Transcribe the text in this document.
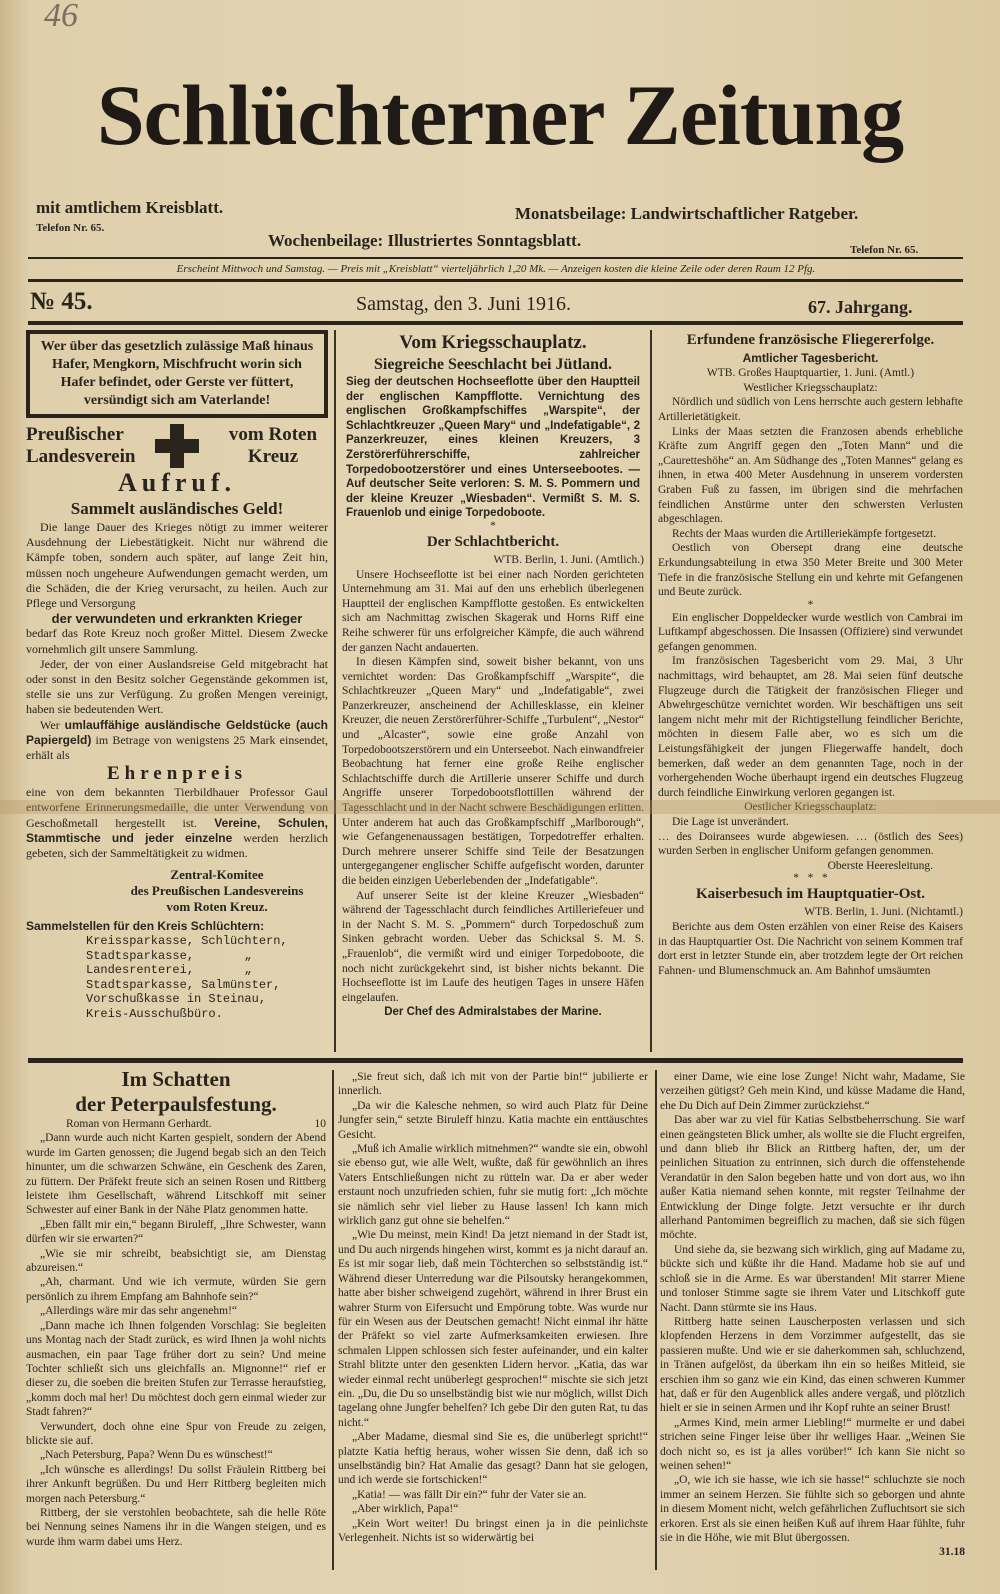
46
Schlüchterner Zeitung
mit amtlichem Kreisblatt.
Telefon Nr. 65.
Monatsbeilage: Landwirtschaftlicher Ratgeber.
Wochenbeilage: Illustriertes Sonntagsblatt.	Telefon Nr. 65.
Erscheint Mittwoch und Samstag. — Preis mit „Kreisblatt“ vierteljährlich 1,20 Mk. — Anzeigen kosten die kleine Zeile oder deren Raum 12 Pfg.
№ 45.	Samstag, den 3. Juni 1916.	67. Jahrgang.
Wer über das gesetzlich zulässige Maß hinaus Hafer, Mengkorn, Mischfrucht worin sich Hafer befindet, oder Gerste ver füttert, versündigt sich am Vaterlande!
Preußischer Landesverein
vom Roten Kreuz
Aufruf.
Sammelt ausländisches Geld!

Die lange Dauer des Krieges nötigt zu immer weiterer Ausdehnung der Liebestätigkeit. Nicht nur während die Kämpfe toben, sondern auch später, auf lange Zeit hin, müssen noch ungeheure Aufwendungen gemacht werden, um die Schäden, die der Krieg verursacht, zu heilen. Auch zur Pflege und Versorgung

der verwundeten und erkrankten Krieger

bedarf das Rote Kreuz noch großer Mittel. Diesem Zwecke vornehmlich gilt unsere Sammlung.

Jeder, der von einer Auslandsreise Geld mitgebracht hat oder sonst in den Besitz solcher Gegenstände gekommen ist, stelle sie uns zur Verfügung. Zu großen Mengen vereinigt, haben sie bedeutenden Wert.

Wer umlauffähige ausländische Geldstücke (auch Papiergeld) im Betrage von wenigstens 25 Mark einsendet, erhält als

Ehrenpreis

eine von dem bekannten Tierbildhauer Professor Gaul entworfene Erinnerungsmedaille, die unter Verwendung von Geschoßmetall hergestellt ist. Vereine, Schulen, Stammtische und jeder einzelne werden herzlich gebeten, sich der Sammeltätigkeit zu widmen.

Zentral-Komitee
des Preußischen Landesvereins
vom Roten Kreuz.
Sammelstellen für den Kreis Schlüchtern:
Kreissparkasse, Schlüchtern,
Stadtsparkasse,       „
Landesrenterei,       „
Stadtsparkasse, Salmünster,
Vorschußkasse in Steinau,
Kreis-Ausschußbüro.
Vom Kriegsschauplatz.
Siegreiche Seeschlacht bei Jütland.
Sieg der deutschen Hochseeflotte über den Hauptteil der englischen Kampfflotte. Vernichtung des englischen Großkampfschiffes „Warspite“, der Schlachtkreuzer „Queen Mary“ und „Indefatigable“, 2 Panzerkreuzer, eines kleinen Kreuzers, 3 Zerstörerführerschiffe, zahlreicher Torpedobootzerstörer und eines Unterseebootes. — Auf deutscher Seite verloren: S. M. S. Pommern und der kleine Kreuzer „Wiesbaden“. Vermißt S. M. S. Frauenlob und einige Torpedoboote.
*
Der Schlachtbericht.
WTB. Berlin, 1. Juni. (Amtlich.)

Unsere Hochseeflotte ist bei einer nach Norden gerichteten Unternehmung am 31. Mai auf den uns erheblich überlegenen Hauptteil der englischen Kampfflotte gestoßen. Es entwickelten sich am Nachmittag zwischen Skagerak und Horns Riff eine Reihe schwerer für uns erfolgreicher Kämpfe, die auch während der ganzen Nacht andauerten.

In diesen Kämpfen sind, soweit bisher bekannt, von uns vernichtet worden: Das Großkampfschiff „Warspite“, die Schlachtkreuzer „Queen Mary“ und „Indefatigable“, zwei Panzerkreuzer, anscheinend der Achillesklasse, ein kleiner Kreuzer, die neuen Zerstörerführer-Schiffe „Turbulent“, „Nestor“ und „Alcaster“, sowie eine große Anzahl von Torpedobootszerstörern und ein Unterseebot. Nach einwandfreier Beobachtung hat ferner eine große Reihe englischer Schlachtschiffe durch die Artillerie unserer Schiffe und durch Angriffe unserer Torpedobootsflottillen während der Tagesschlacht und in der Nacht schwere Beschädigungen erlitten. Unter anderem hat auch das Großkampfschiff „Marlborough“, wie Gefangenenaussagen bestätigen, Torpedotreffer erhalten. Durch mehrere unserer Schiffe sind Teile der Besatzungen untergegangener englischer Schiffe aufgefischt worden, darunter die beiden einzigen Ueberlebenden der „Indefatigable“.

Auf unserer Seite ist der kleine Kreuzer „Wiesbaden“ während der Tagesschlacht durch feindliches Artilleriefeuer und in der Nacht S. M. S. „Pommern“ durch Torpedoschuß zum Sinken gebracht worden. Ueber das Schicksal S. M. S. „Frauenlob“, die vermißt wird und einiger Torpedoboote, die noch nicht zurückgekehrt sind, ist bisher nichts bekannt. Die Hochseeflotte ist im Laufe des heutigen Tages in unsere Häfen eingelaufen.

Der Chef des Admiralstabes der Marine.
Erfundene französische Fliegererfolge.
Amtlicher Tagesbericht.
WTB. Großes Hauptquartier, 1. Juni. (Amtl.)
Westlicher Kriegsschauplatz:

Nördlich und südlich von Lens herrschte auch gestern lebhafte Artillerietätigkeit.

Links der Maas setzten die Franzosen abends erhebliche Kräfte zum Angriff gegen den „Toten Mann“ und die „Caurettеshöhe“ an. Am Südhange des „Toten Mannes“ gelang es ihnen, in etwa 400 Meter Ausdehnung in unserem vordersten Graben Fuß zu fassen, im übrigen sind die mehrfachen feindlichen Anstürme unter den schwersten Verlusten abgeschlagen.

Rechts der Maas wurden die Artilleriekämpfe fortgesetzt.

Oestlich von Obersept drang eine deutsche Erkundungsabteilung in etwa 350 Meter Breite und 300 Meter Tiefe in die französische Stellung ein und kehrte mit Gefangenen und Beute zurück.

*

Ein englischer Doppeldecker wurde westlich von Cambrai im Luftkampf abgeschossen. Die Insassen (Offiziere) sind verwundet gefangen genommen.

Im französischen Tagesbericht vom 29. Mai, 3 Uhr nachmittags, wird behauptet, am 28. Mai seien fünf deutsche Flugzeuge durch die Tätigkeit der französischen Flieger und Abwehrgeschütze vernichtet worden. Wir beschäftigen uns seit langem nicht mehr mit der Richtigstellung feindlicher Berichte, möchten in diesem Falle aber, wo es sich um die Leistungsfähigkeit der jungen Fliegerwaffe handelt, doch bemerken, daß weder an dem genannten Tage, noch in der vorhergehenden Woche überhaupt irgend ein deutsches Flugzeug durch feindliche Einwirkung verloren gegangen ist.

Oestlicher Kriegsschauplatz:

Die Lage ist unverändert.

… des Doiransees wurde abgewiesen. … (östlich des Sees) wurden Serben in englischer Uniform gefangen genommen.

Oberste Heeresleitung.
*   *   *
Kaiserbesuch im Hauptquatier-Ost.
WTB. Berlin, 1. Juni. (Nichtamtl.)

Berichte aus dem Osten erzählen von einer Reise des Kaisers in das Hauptquartier Ost. Die Nachricht von seinem Kommen traf dort erst in letzter Stunde ein, aber trotzdem legte der Ort reichen Fahnen- und Blumenschmuck an. Am Bahnhof umsäumten

Im Schatten
der Peterpaulsfestung.
Roman von Hermann Gerhardt.	10

„Dann wurde auch nicht Karten gespielt, sondern der Abend wurde im Garten genossen; die Jugend begab sich an den Teich hinunter, um die schwarzen Schwäne, ein Geschenk des Zaren, zu füttern. Der Präfekt freute sich an seinen Rosen und Rittberg leistete ihm Gesellschaft, während Litschkoff mit seiner Schwester auf einer Bank in der Nähe Platz genommen hatte.

„Eben fällt mir ein,“ begann Biruleff, „Ihre Schwester, wann dürfen wir sie erwarten?“

„Wie sie mir schreibt, beabsichtigt sie, am Dienstag abzureisen.“

„Ah, charmant. Und wie ich vermute, würden Sie gern persönlich zu ihrem Empfang am Bahnhofe sein?“

„Allerdings wäre mir das sehr angenehm!“

„Dann mache ich Ihnen folgenden Vorschlag: Sie begleiten uns Montag nach der Stadt zurück, es wird Ihnen ja wohl nichts ausmachen, ein paar Tage früher dort zu sein? Und meine Tochter schließt sich uns gleichfalls an. Mignonne!“ rief er dieser zu, die soeben die breiten Stufen zur Terrasse heraufstieg, „komm doch mal her! Du möchtest doch gern einmal wieder zur Stadt fahren?“

Verwundert, doch ohne eine Spur von Freude zu zeigen, blickte sie auf.

„Nach Petersburg, Papa? Wenn Du es wünschest!“

„Ich wünsche es allerdings! Du sollst Fräulein Rittberg bei ihrer Ankunft begrüßen. Du und Herr Rittberg begleiten mich morgen nach Petersburg.“

Rittberg, der sie verstohlen beobachtete, sah die helle Röte bei Nennung seines Namens ihr in die Wangen steigen, und es wurde ihm warm dabei ums Herz.

„Sie freut sich, daß ich mit von der Partie bin!“ jubilierte er innerlich.

„Da wir die Kalesche nehmen, so wird auch Platz für Deine Jungfer sein,“ setzte Biruleff hinzu. Katia machte ein enttäuschtes Gesicht.

„Muß ich Amalie wirklich mitnehmen?“ wandte sie ein, obwohl sie ebenso gut, wie alle Welt, wußte, daß für gewöhnlich an ihres Vaters Entschließungen nicht zu rütteln war. Da er aber weder erstaunt noch unzufrieden schien, fuhr sie mutig fort: „Ich möchte sie nämlich sehr viel lieber zu Hause lassen! Ich kann mich wirklich ganz gut ohne sie behelfen.“

„Wie Du meinst, mein Kind! Da jetzt niemand in der Stadt ist, und Du auch nirgends hingehen wirst, kommt es ja nicht darauf an. Es ist mir sogar lieb, daß mein Töchterchen so selbstständig ist.“ Während dieser Unterredung war die Pilsoutsky herangekommen, hatte aber bisher schweigend zugehört, während in ihrer Brust ein wahrer Sturm von Eifersucht und Empörung tobte. Was wurde nur für ein Wesen aus der Deutschen gemacht! Nicht einmal ihr hätte der Präfekt so viel zarte Aufmerksamkeiten erwiesen. Ihre schmalen Lippen schlossen sich fester aufeinander, und ein kalter Strahl blitzte unter den gesenkten Lidern hervor. „Katia, das war wieder einmal recht unüberlegt gesprochen!“ mischte sie sich jetzt ein. „Du, die Du so unselbständig bist wie nur möglich, willst Dich tagelang ohne Jungfer behelfen? Ich gebe Dir den guten Rat, tu das nicht.“

„Aber Madame, diesmal sind Sie es, die unüberlegt spricht!“ platzte Katia heftig heraus, woher wissen Sie denn, daß ich so unselbständig bin? Hat Amalie das gesagt? Dann hat sie gelogen, und ich werde sie fortschicken!“

„Katia! — was fällt Dir ein?“ fuhr der Vater sie an.

„Aber wirklich, Papa!“

„Kein Wort weiter! Du bringst einen ja in die peinlichste Verlegenheit. Nichts ist so widerwärtig bei

einer Dame, wie eine lose Zunge! Nicht wahr, Madame, Sie verzeihen gütigst? Geh mein Kind, und küsse Madame die Hand, ehe Du Dich auf Dein Zimmer zurückziehst.“

Das aber war zu viel für Katias Selbstbeherrschung. Sie warf einen geängsteten Blick umher, als wollte sie die Flucht ergreifen, und dann blieb ihr Blick an Rittberg haften, der, um der peinlichen Situation zu entrinnen, sich durch die offenstehende Verandatür in den Salon begeben hatte und von dort aus, wo ihn außer Katia niemand sehen konnte, mit regster Teilnahme der Entwicklung der Dinge folgte. Jetzt versuchte er ihr durch allerhand Pantomimen begreiflich zu machen, daß sie sich fügen möchte.

Und siehe da, sie bezwang sich wirklich, ging auf Madame zu, bückte sich und küßte ihr die Hand. Madame hob sie auf und schloß sie in die Arme. Es war überstanden! Mit starrer Miene und tonloser Stimme sagte sie ihrem Vater und Litschkoff gute Nacht. Dann stürmte sie ins Haus.

Rittberg hatte seinen Lauscherposten verlassen und sich klopfenden Herzens in dem Vorzimmer aufgestellt, das sie passieren mußte. Und wie er sie daherkommen sah, schluchzend, in Tränen aufgelöst, da überkam ihn ein so heißes Mitleid, sie erschien ihm so ganz wie ein Kind, das einen schweren Kummer hat, daß er für den Augenblick alles andere vergaß, und plötzlich hielt er sie in seinen Armen und ihr Kopf ruhte an seiner Brust!

„Armes Kind, mein armer Liebling!“ murmelte er und dabei strichen seine Finger leise über ihr welliges Haar. „Weinen Sie doch nicht so, es ist ja alles vorüber!“ Ich kann Sie nicht so weinen sehen!“

„O, wie ich sie hasse, wie ich sie hasse!“ schluchzte sie noch immer an seinem Herzen. Sie fühlte sich so geborgen und ahnte in diesem Moment nicht, welch gefährlichen Zufluchtsort sie sich erkoren. Erst als sie einen heißen Kuß auf ihrem Haar fühlte, fuhr sie in die Höhe, wie mit Blut übergossen.

31.18
